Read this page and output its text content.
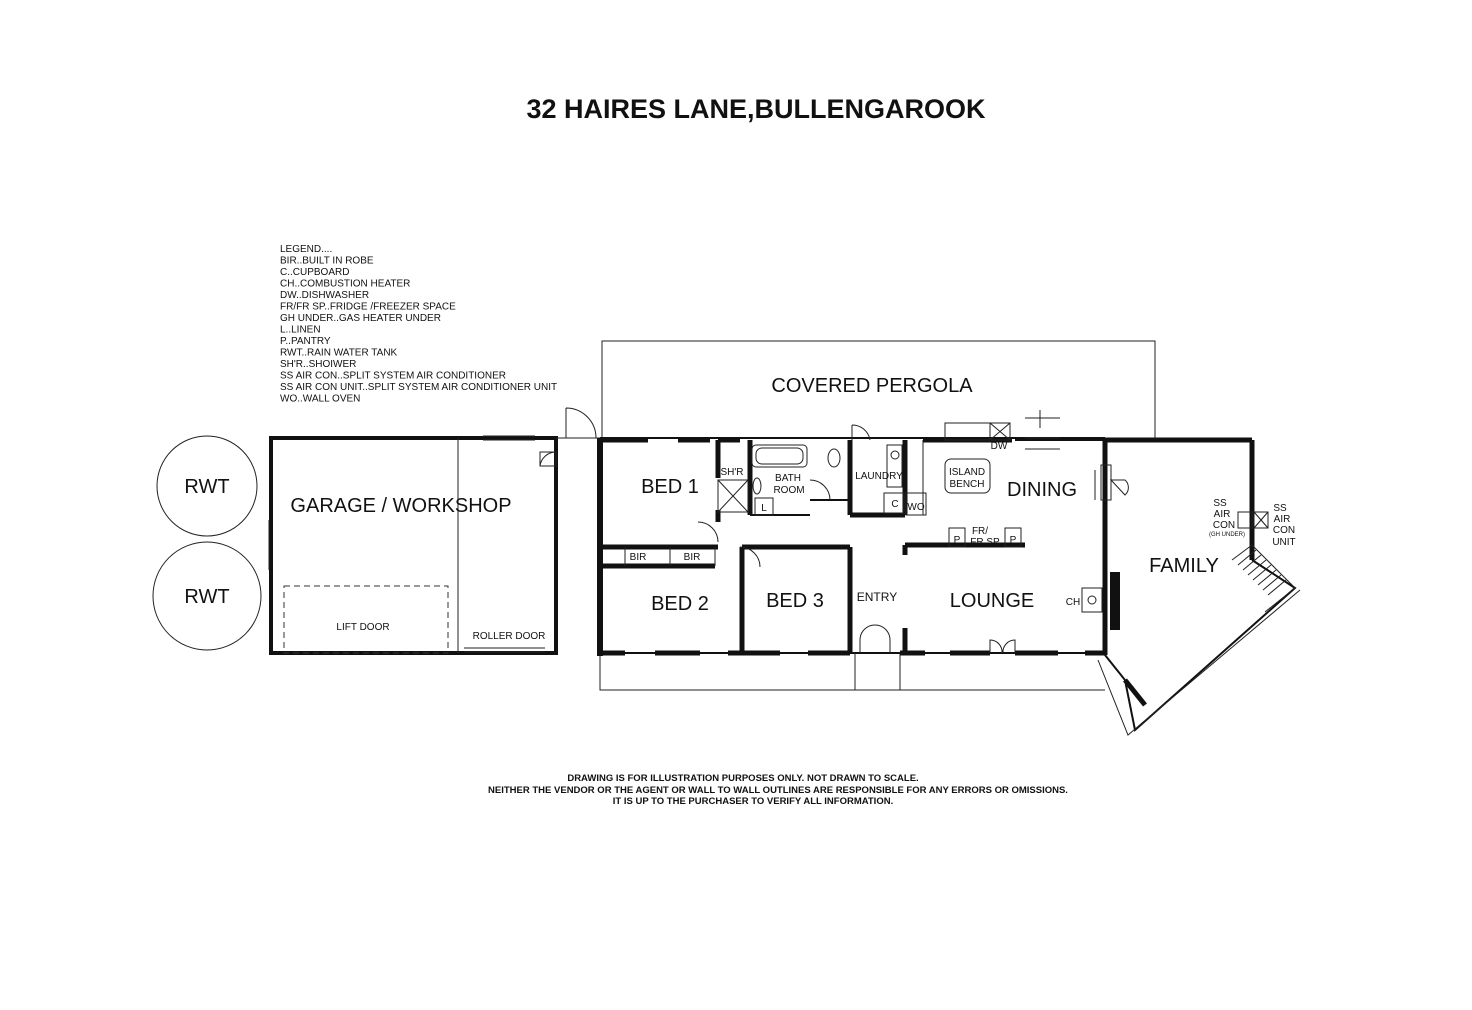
32 HAIRES LANE,BULLENGAROOK
LEGEND....
BIR..BUILT IN ROBE
C..CUPBOARD
CH..COMBUSTION HEATER
DW..DISHWASHER
FR/FR SP..FRIDGE /FREEZER SPACE
GH UNDER..GAS HEATER UNDER
L..LINEN
P..PANTRY
RWT..RAIN WATER TANK
SH'R..SHOIWER
SS AIR CON..SPLIT SYSTEM AIR CONDITIONER
SS AIR CON UNIT..SPLIT SYSTEM AIR CONDITIONER UNIT
WO..WALL OVEN
RWT
RWT
GARAGE / WORKSHOP
LIFT DOOR
ROLLER DOOR
COVERED PERGOLA
BED 1
BED 2	BED 3
SH'R
BATH
ROOM
L
BIR	BIR
LAUNDRY
C WO
DW
ISLAND
BENCH DINING
FR/
FR SP
P	P
ENTRY	LOUNGE	CH
FAMILY
SS
AIR
CON
(GH UNDER)
SS
AIR
CON
UNIT
DRAWING IS FOR ILLUSTRATION PURPOSES ONLY. NOT DRAWN TO SCALE.
NEITHER THE VENDOR OR THE AGENT OR WALL TO WALL OUTLINES ARE RESPONSIBLE FOR ANY ERRORS OR OMISSIONS.
IT IS UP TO THE PURCHASER TO VERIFY ALL INFORMATION.
